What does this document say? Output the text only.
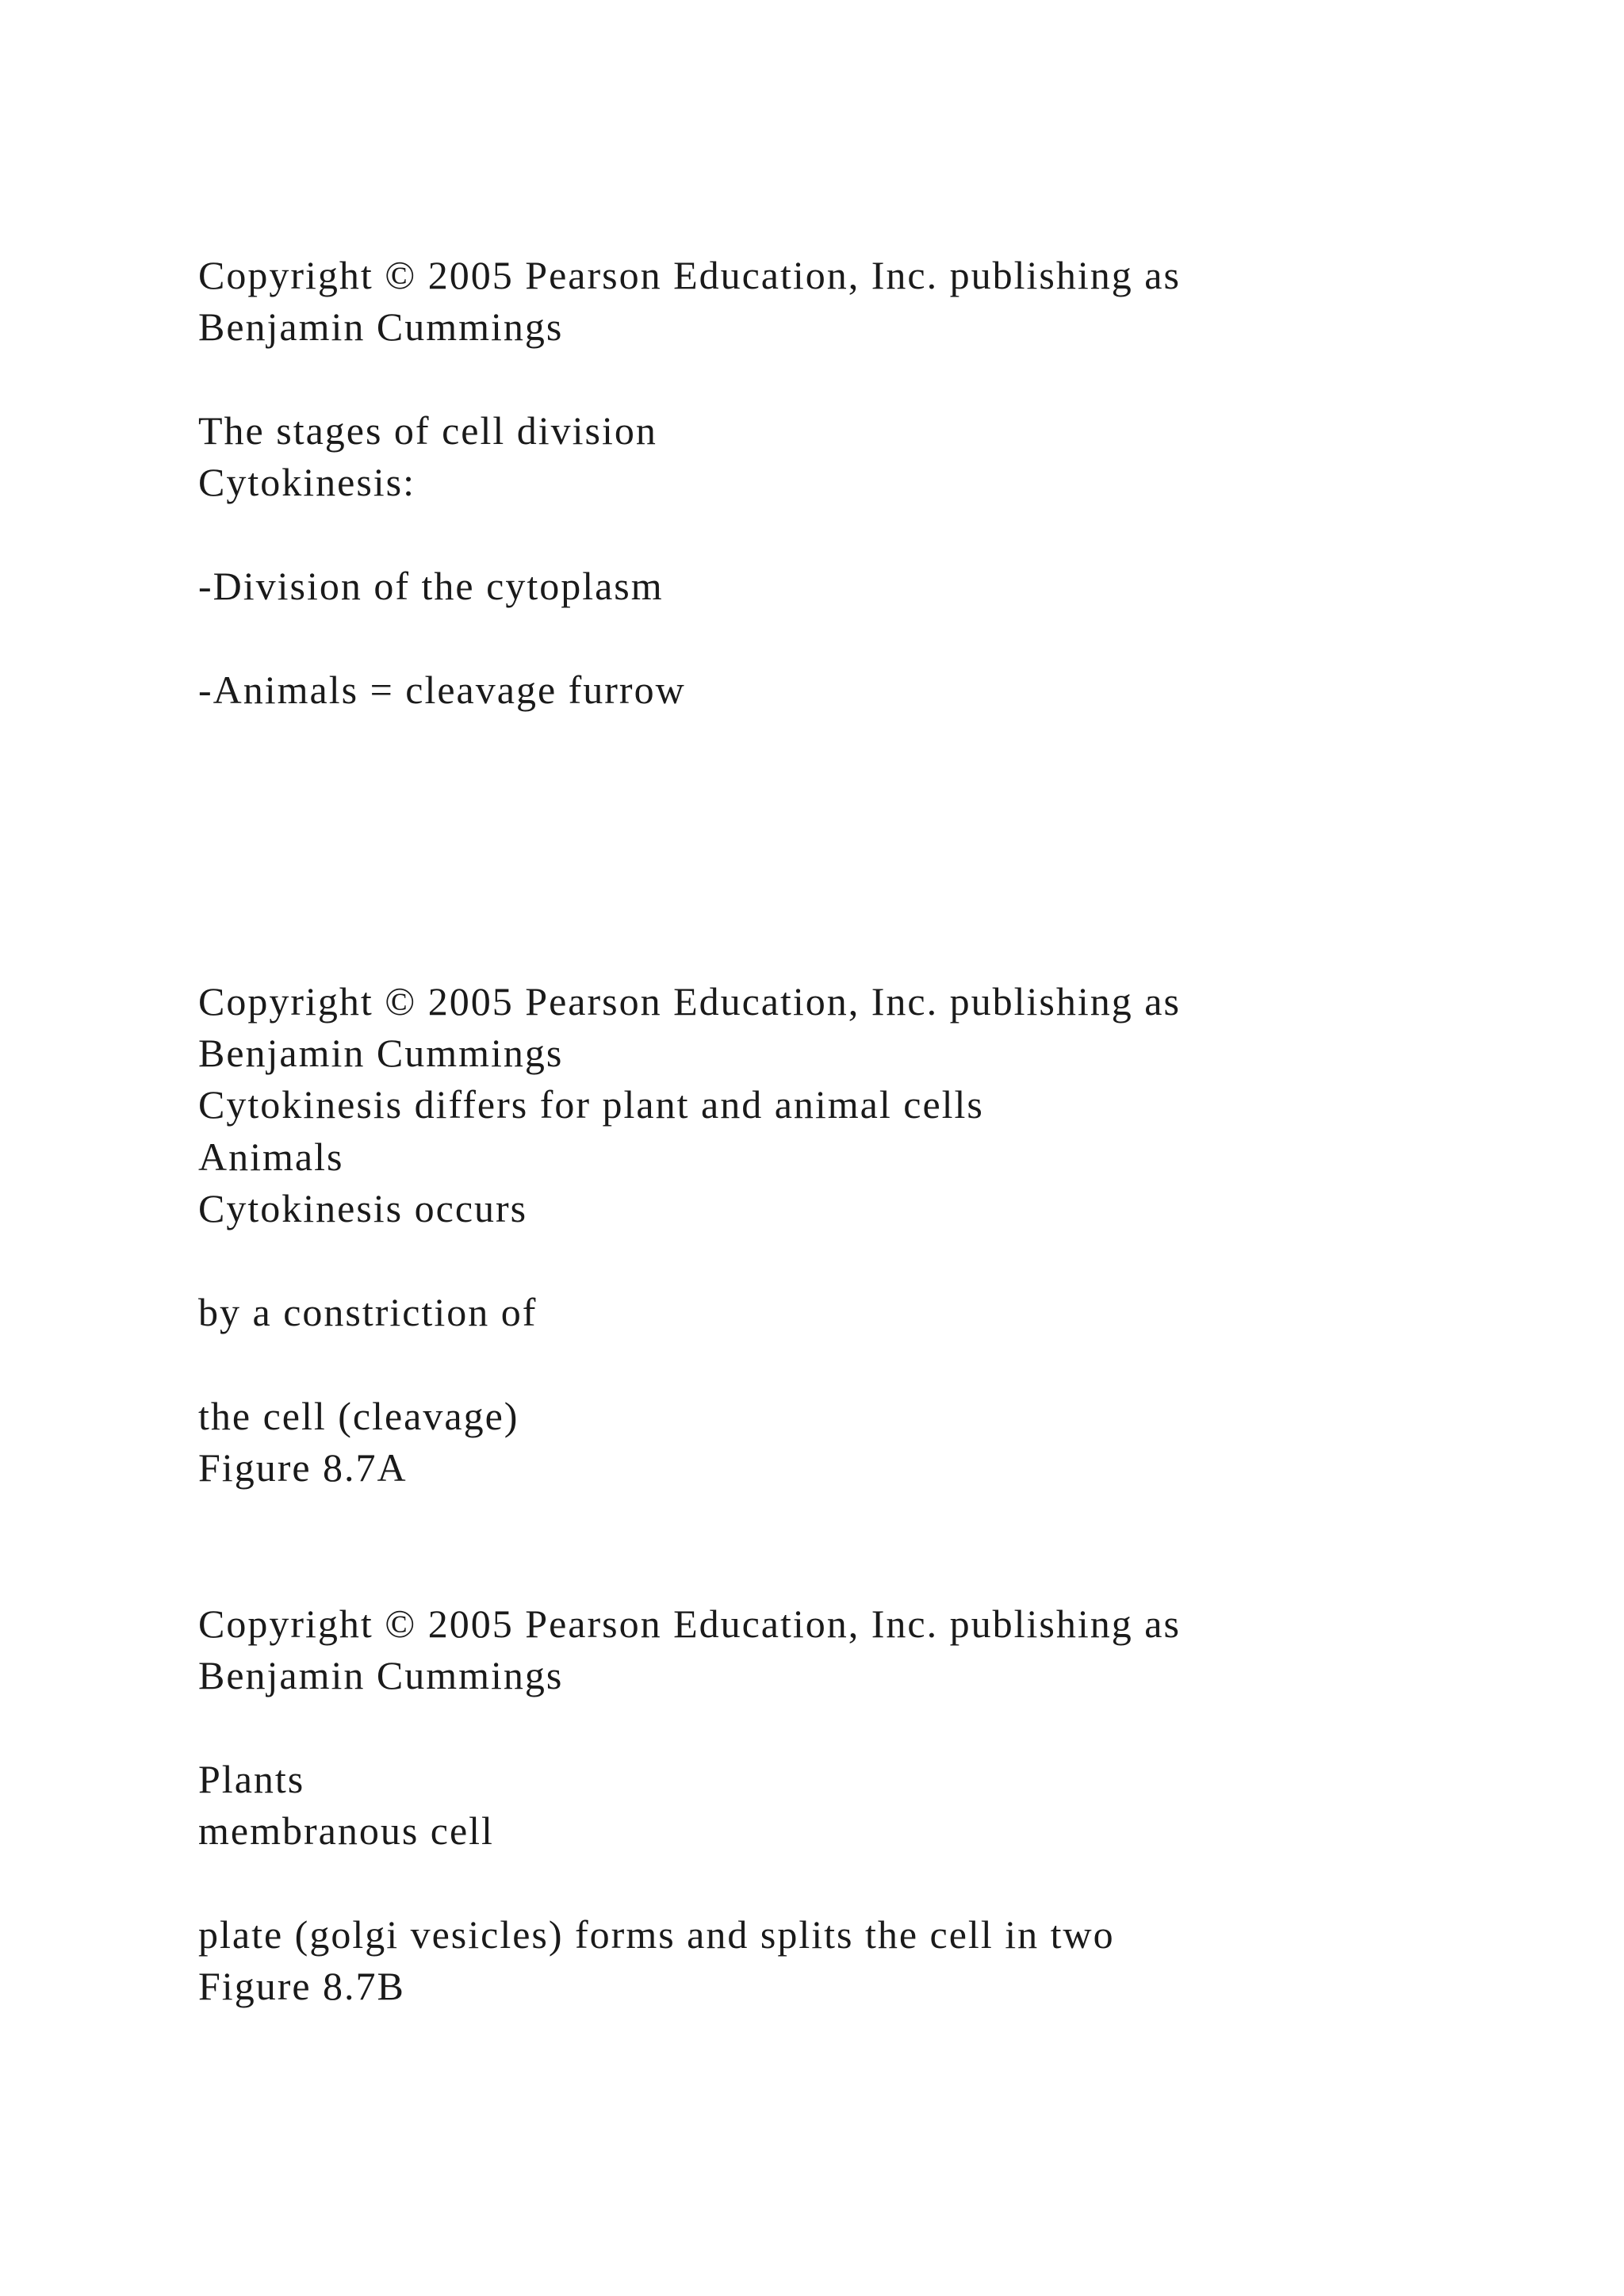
Copyright © 2005 Pearson Education, Inc. publishing as

Benjamin Cummings

The stages of cell division

Cytokinesis:

-Division of the cytoplasm

-Animals = cleavage furrow

Copyright © 2005 Pearson Education, Inc. publishing as

Benjamin Cummings

Cytokinesis differs for plant and animal cells

Animals

Cytokinesis occurs

by a constriction of

the cell (cleavage)

Figure 8.7A

Copyright © 2005 Pearson Education, Inc. publishing as

Benjamin Cummings

Plants

membranous cell

plate (golgi vesicles) forms and splits the cell in two

Figure 8.7B
